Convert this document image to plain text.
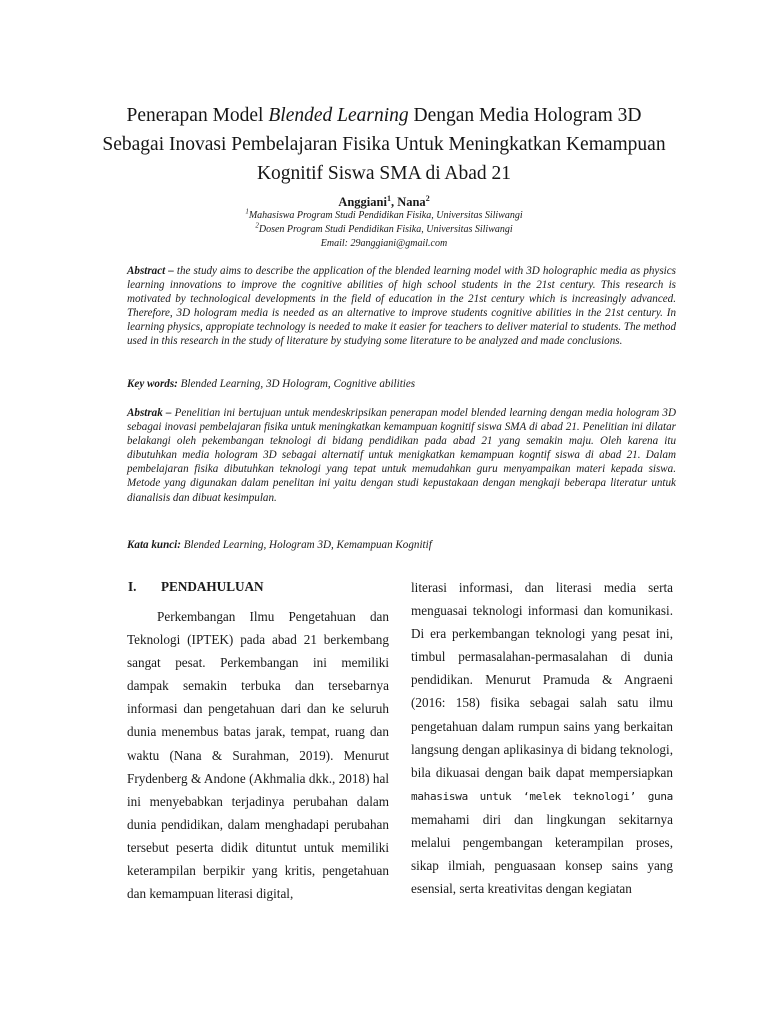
Penerapan Model Blended Learning Dengan Media Hologram 3D Sebagai Inovasi Pembelajaran Fisika Untuk Meningkatkan Kemampuan Kognitif Siswa SMA di Abad 21
Anggiani$^1$, Nana$^2$
$^1$Mahasiswa Program Studi Pendidikan Fisika, Universitas Siliwangi
$^2$Dosen Program Studi Pendidikan Fisika, Universitas Siliwangi
Email: 29anggiani@gmail.com
Abstract – the study aims to describe the application of the blended learning model with 3D holographic media as physics learning innovations to improve the cognitive abilities of high school students in the 21st century. This research is motivated by technological developments in the field of education in the 21st century which is increasingly advanced. Therefore, 3D hologram media is needed as an alternative to improve students cognitive abilities in the 21st century. In learning physics, appropiate technology is needed to make it easier for teachers to deliver material to students. The method used in this research in the study of literature by studying some literature to be analyzed and made conclusions.
Key words: Blended Learning, 3D Hologram, Cognitive abilities
Abstrak – Penelitian ini bertujuan untuk mendeskripsikan penerapan model blended learning dengan media hologram 3D sebagai inovasi pembelajaran fisika untuk meningkatkan kemampuan kognitif siswa SMA di abad 21. Penelitian ini dilatar belakangi oleh pekembangan teknologi di bidang pendidikan pada abad 21 yang semakin maju. Oleh karena itu dibutuhkan media hologram 3D sebagai alternatif untuk menigkatkan kemampuan kogntif siswa di abad 21. Dalam pembelajaran fisika dibutuhkan teknologi yang tepat untuk memudahkan guru menyampaikan materi kepada siswa. Metode yang digunakan dalam penelitan ini yaitu dengan studi kepustakaan dengan mengkaji beberapa literatur untuk dianalisis dan dibuat kesimpulan.
Kata kunci: Blended Learning, Hologram 3D, Kemampuan Kognitif
I. PENDAHULUAN

Perkembangan Ilmu Pengetahuan dan Teknologi (IPTEK) pada abad 21 berkembang sangat pesat. Perkembangan ini memiliki dampak semakin terbuka dan tersebarnya informasi dan pengetahuan dari dan ke seluruh dunia menembus batas jarak, tempat, ruang dan waktu (Nana & Surahman, 2019). Menurut Frydenberg & Andone (Akhmalia dkk., 2018) hal ini menyebabkan terjadinya perubahan dalam dunia pendidikan, dalam menghadapi perubahan tersebut peserta didik dituntut untuk memiliki keterampilan berpikir yang kritis, pengetahuan dan kemampuan literasi digital,

literasi informasi, dan literasi media serta menguasai teknologi informasi dan komunikasi. Di era perkembangan teknologi yang pesat ini, timbul permasalahan-permasalahan di dunia pendidikan. Menurut Pramuda & Angraeni (2016: 158) fisika sebagai salah satu ilmu pengetahuan dalam rumpun sains yang berkaitan langsung dengan aplikasinya di bidang teknologi, bila dikuasai dengan baik dapat mempersiapkan mahasiswa untuk ‘melek teknologi’ guna memahami diri dan lingkungan sekitarnya melalui pengembangan keterampilan proses, sikap ilmiah, penguasaan konsep sains yang esensial, serta kreativitas dengan kegiatan
